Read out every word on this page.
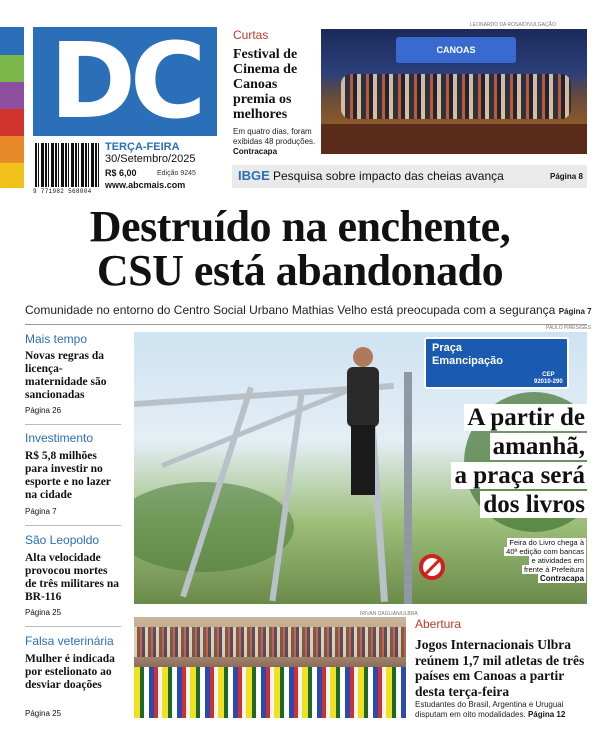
DC
9 771982 568004
TERÇA-FEIRA
30/Setembro/2025
R$ 6,00	Edição 9245
www.abcmais.com
Curtas
Festival de Cinema de Canoas premia os melhores
Em quatro dias, foram exibidas 48 produções.
Contracapa
LEONARDO DA ROSA/DIVULGAÇÃO
CANOAS
IBGE Pesquisa sobre impacto das cheias avança	Página 8
Destruído na enchente,
CSU está abandonado
Comunidade no entorno do Centro Social Urbano Mathias Velho está preocupada com a segurança Página 7
Mais tempo
Novas regras da licença-maternidade são sancionadas
Página 26
Investimento
R$ 5,8 milhões para investir no esporte e no lazer na cidade
Página 7
São Leopoldo
Alta velocidade provocou mortes de três militares na BR-116
Página 25
Falsa veterinária
Mulher é indicada por estelionato ao desviar doações
Página 25
PAULO PIRES/GES
Praça
Emancipação
CEP
92010-290
A partir de
amanhã,
a praça será
dos livros
Feira do Livro chega à
40ª edição com bancas
e atividades em
frente à Prefeitura
Contracapa
IRIVAN DAGLIAN/ULBRA
Abertura
Jogos Internacionais Ulbra reúnem 1,7 mil atletas de três países em Canoas a partir desta terça-feira
Estudantes do Brasil, Argentina e Uruguai disputam em oito modalidades. Página 12
